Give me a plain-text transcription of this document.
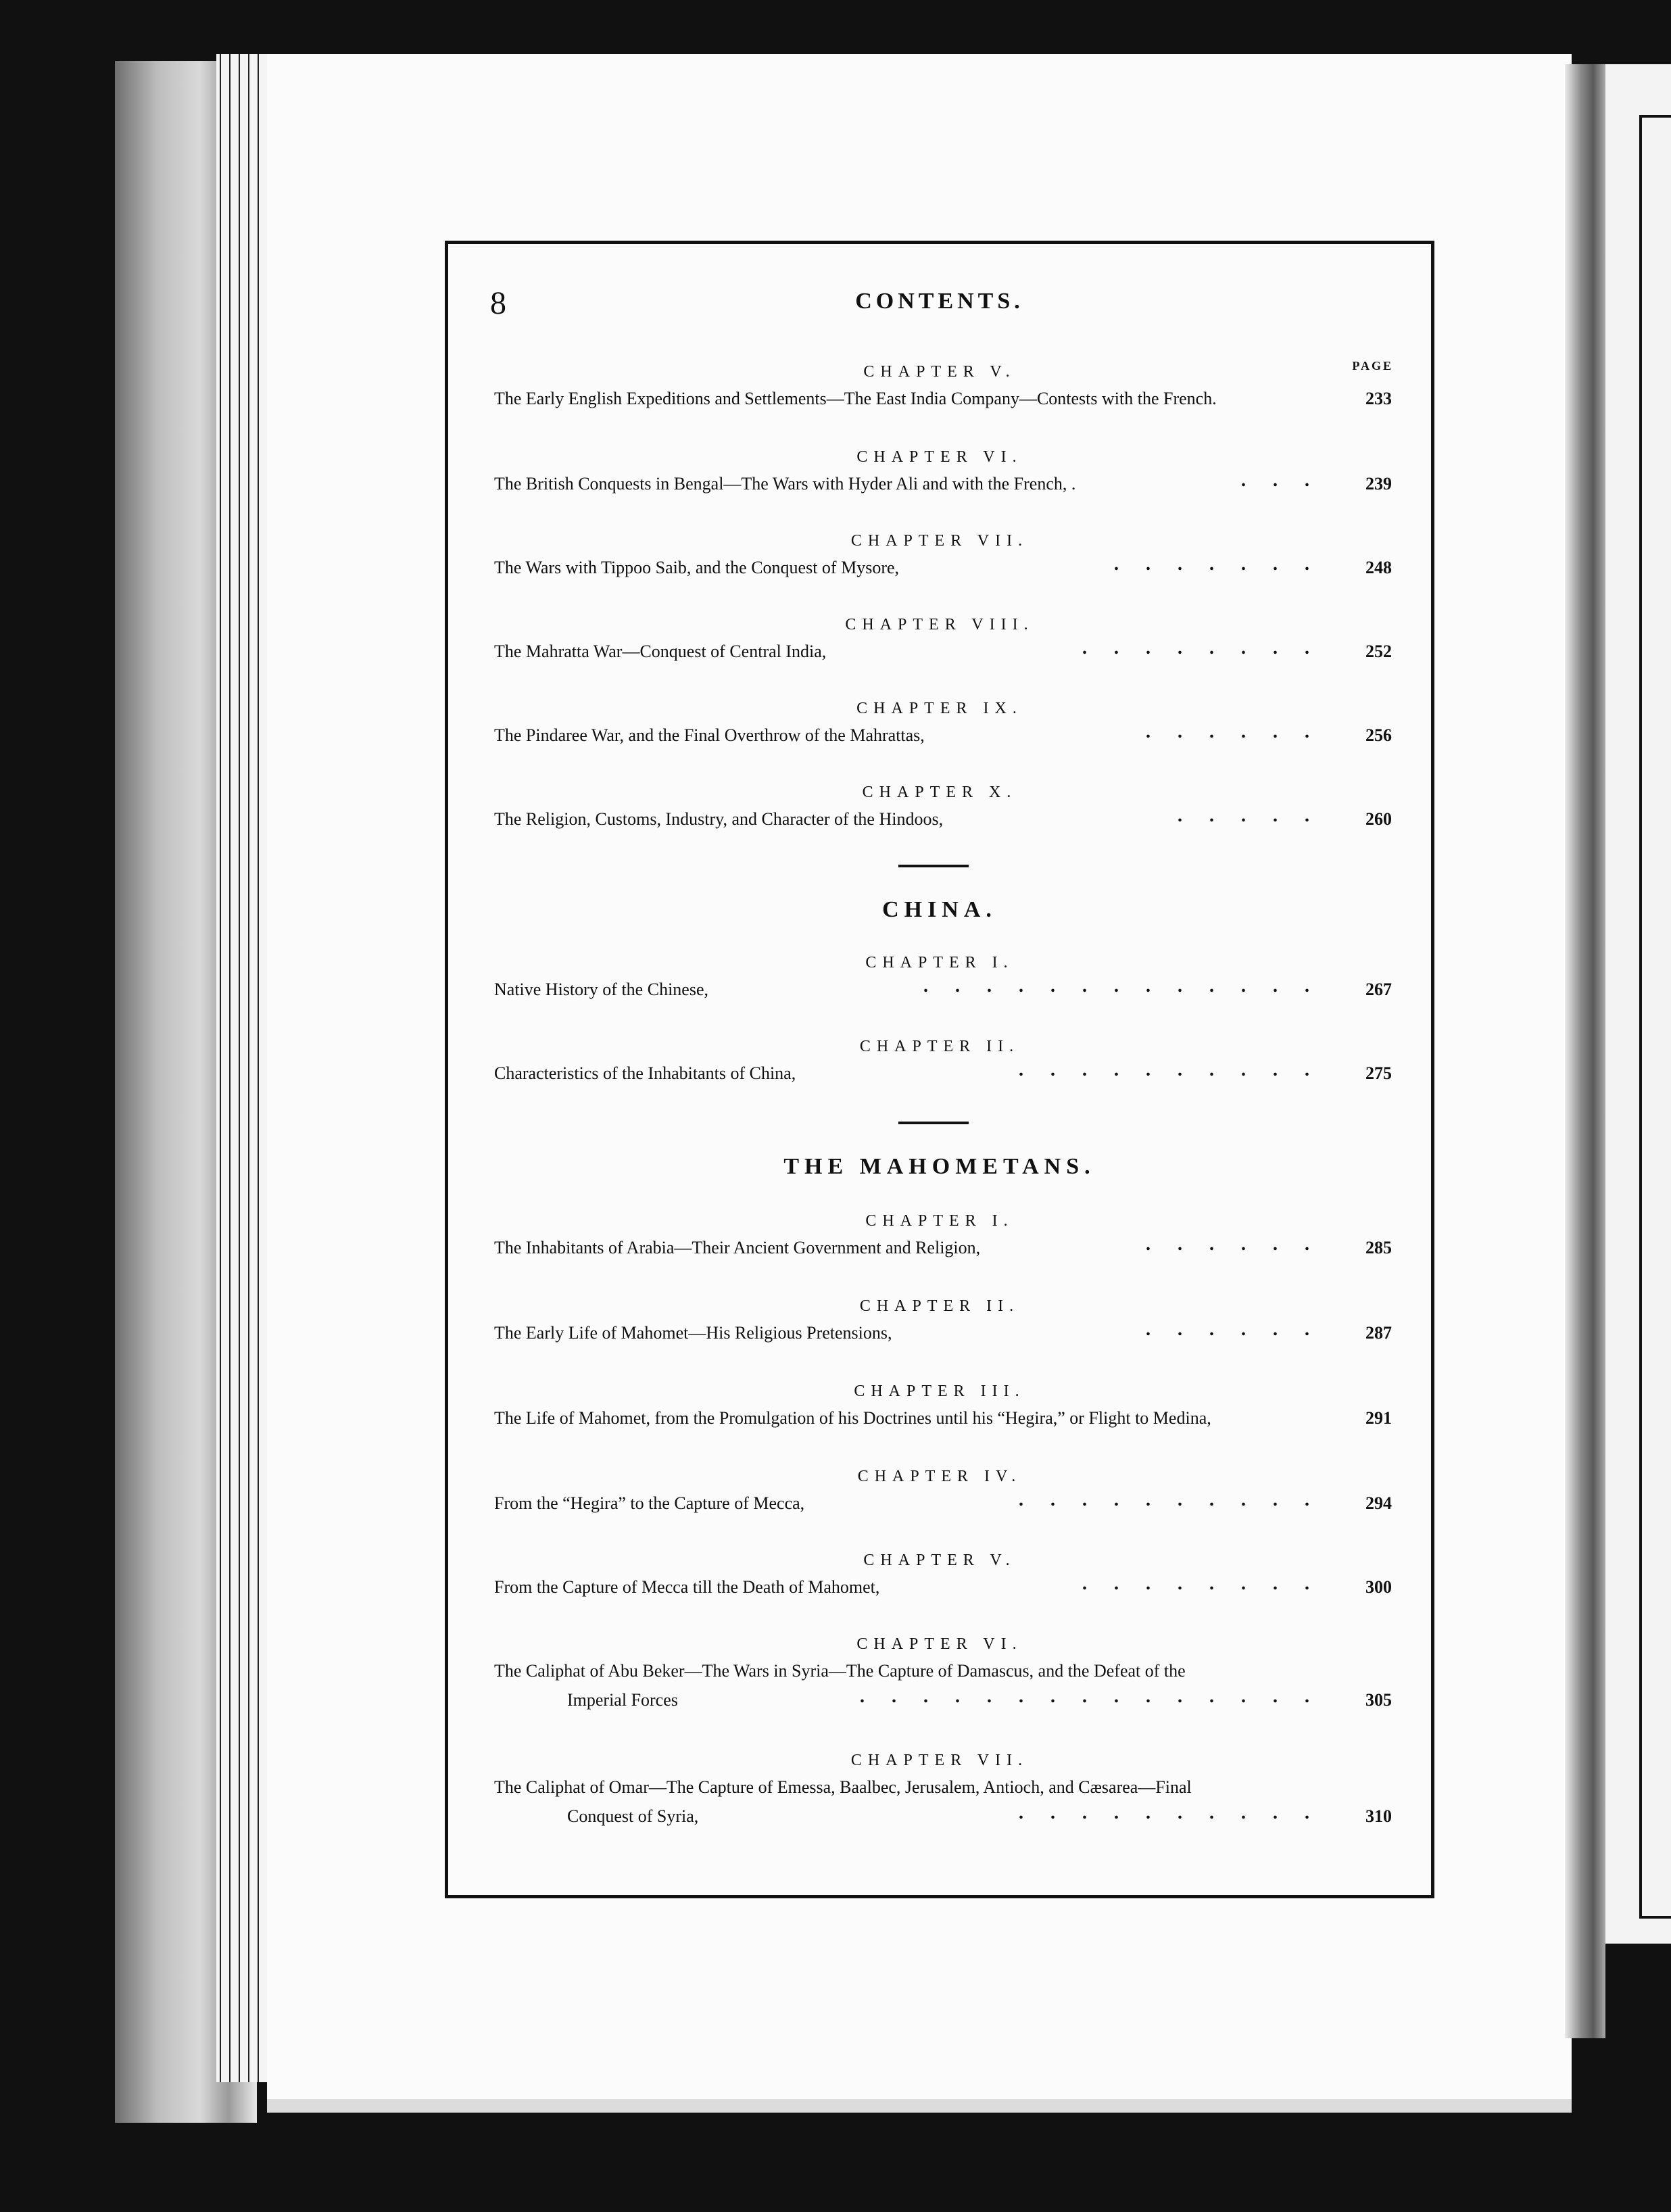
8	CONTENTS.
PAGE
CHAPTER V.
The Early English Expeditions and Settlements—The East India Company—Contests with the French.	233
CHAPTER VI.
The British Conquests in Bengal—The Wars with Hyder Ali and with the French, .	... 239
CHAPTER VII.
The Wars with Tippoo Saib, and the Conquest of Mysore,	....... 248
CHAPTER VIII.
The Mahratta War—Conquest of Central India,	........ 252
CHAPTER IX.
The Pindaree War, and the Final Overthrow of the Mahrattas,	...... 256
CHAPTER X.
The Religion, Customs, Industry, and Character of the Hindoos,	..... 260
CHINA.
CHAPTER I.
Native History of the Chinese,	............. 267
CHAPTER II.
Characteristics of the Inhabitants of China,	.......... 275
THE MAHOMETANS.
CHAPTER I.
The Inhabitants of Arabia—Their Ancient Government and Religion,	...... 285
CHAPTER II.
The Early Life of Mahomet—His Religious Pretensions,	...... 287
CHAPTER III.
The Life of Mahomet, from the Promulgation of his Doctrines until his “Hegira,” or Flight to Medina,	291
CHAPTER IV.
From the “Hegira” to the Capture of Mecca,	.......... 294
CHAPTER V.
From the Capture of Mecca till the Death of Mahomet,	........ 300
CHAPTER VI.
The Caliphat of Abu Beker—The Wars in Syria—The Capture of Damascus, and the Defeat of the
Imperial Forces	............... 305
CHAPTER VII.
The Caliphat of Omar—The Capture of Emessa, Baalbec, Jerusalem, Antioch, and Cæsarea—Final
Conquest of Syria,	.......... 310
